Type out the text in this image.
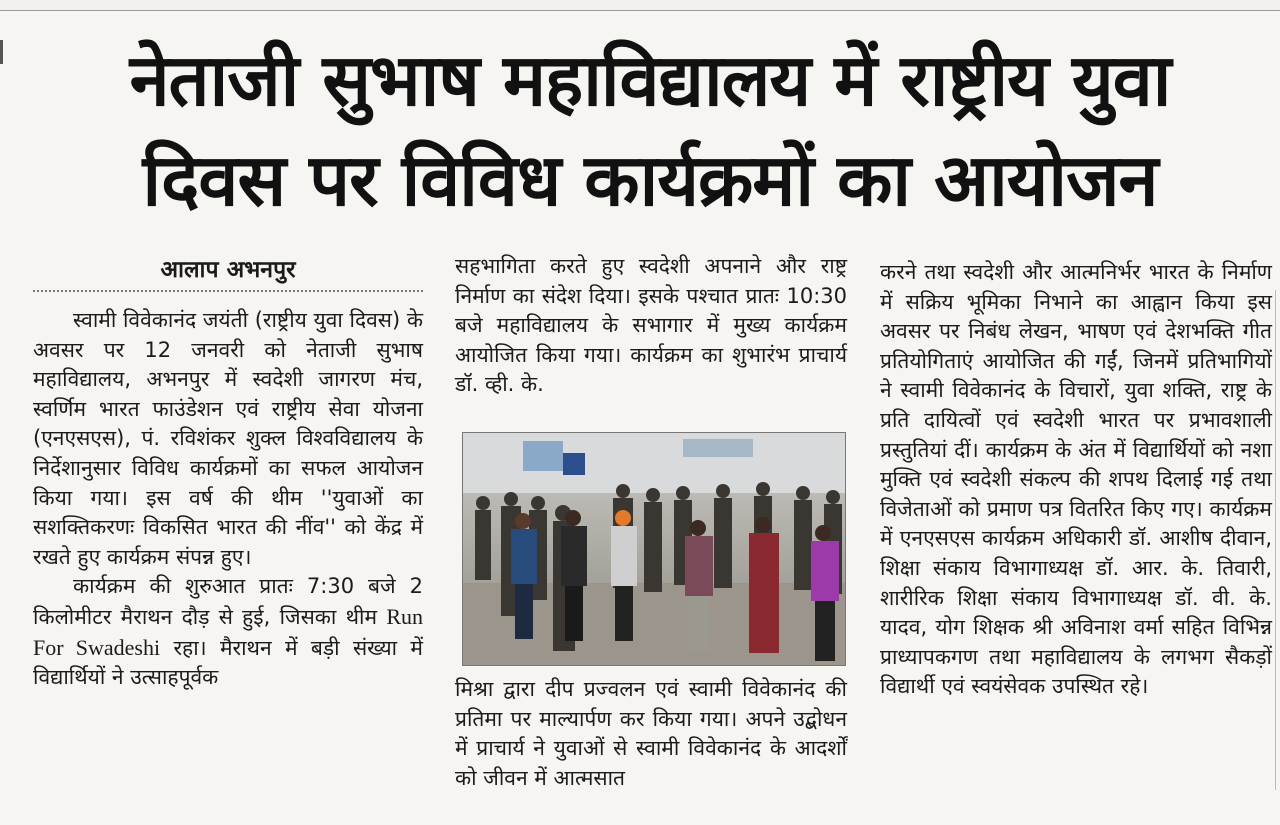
नेताजी सुभाष महाविद्यालय में राष्ट्रीय युवा
दिवस पर विविध कार्यक्रमों का आयोजन
आलाप अभनपुर

स्वामी विवेकानंद जयंती (राष्ट्रीय युवा दिवस) के अवसर पर 12 जनवरी को नेताजी सुभाष महाविद्यालय, अभनपुर में स्वदेशी जागरण मंच, स्वर्णिम भारत फाउंडेशन एवं राष्ट्रीय सेवा योजना (एनएसएस), पं. रविशंकर शुक्ल विश्वविद्यालय के निर्देशानुसार विविध कार्यक्रमों का सफल आयोजन किया गया। इस वर्ष की थीम ''युवाओं का सशक्तिकरणः विकसित भारत की नींव'' को केंद्र में रखते हुए कार्यक्रम संपन्न हुए।

कार्यक्रम की शुरुआत प्रातः 7:30 बजे 2 किलोमीटर मैराथन दौड़ से हुई, जिसका थीम Run For Swadeshi रहा। मैराथन में बड़ी संख्या में विद्यार्थियों ने उत्साहपूर्वक

सहभागिता करते हुए स्वदेशी अपनाने और राष्ट्र निर्माण का संदेश दिया। इसके पश्चात प्रातः 10:30 बजे महाविद्यालय के सभागार में मुख्य कार्यक्रम आयोजित किया गया। कार्यक्रम का शुभारंभ प्राचार्य डॉ. व्ही. के.

मिश्रा द्वारा दीप प्रज्वलन एवं स्वामी विवेकानंद की प्रतिमा पर माल्यार्पण कर किया गया। अपने उद्बोधन में प्राचार्य ने युवाओं से स्वामी विवेकानंद के आदर्शों को जीवन में आत्मसात

करने तथा स्वदेशी और आत्मनिर्भर भारत के निर्माण में सक्रिय भूमिका निभाने का आह्वान किया इस अवसर पर निबंध लेखन, भाषण एवं देशभक्ति गीत प्रतियोगिताएं आयोजित की गईं, जिनमें प्रतिभागियों ने स्वामी विवेकानंद के विचारों, युवा शक्ति, राष्ट्र के प्रति दायित्वों एवं स्वदेशी भारत पर प्रभावशाली प्रस्तुतियां दीं। कार्यक्रम के अंत में विद्यार्थियों को नशा मुक्ति एवं स्वदेशी संकल्प की शपथ दिलाई गई तथा विजेताओं को प्रमाण पत्र वितरित किए गए। कार्यक्रम में एनएसएस कार्यक्रम अधिकारी डॉ. आशीष दीवान, शिक्षा संकाय विभागाध्यक्ष डॉ. आर. के. तिवारी, शारीरिक शिक्षा संकाय विभागाध्यक्ष डॉ. वी. के. यादव, योग शिक्षक श्री अविनाश वर्मा सहित विभिन्न प्राध्यापकगण तथा महाविद्यालय के लगभग सैकड़ों विद्यार्थी एवं स्वयंसेवक उपस्थित रहे।
